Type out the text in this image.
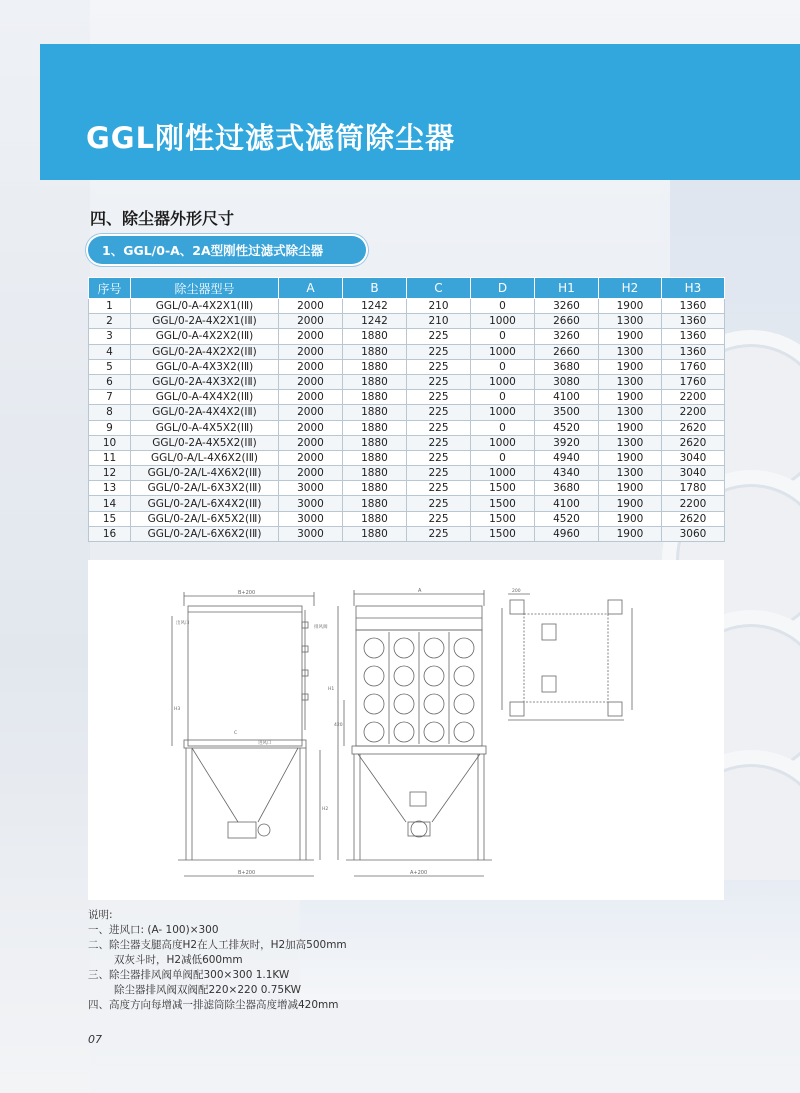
GGL刚性过滤式滤筒除尘器
四、除尘器外形尺寸
1、GGL/0-A、2A型刚性过滤式除尘器
序号	除尘器型号	A	B	C	D	H1	H2	H3
1	GGL/0-A-4X2X1(ⅠⅡ)	2000	1242	210	0	3260	1900	1360
2	GGL/0-2A-4X2X1(ⅠⅡ)	2000	1242	210	1000	2660	1300	1360
3	GGL/0-A-4X2X2(ⅠⅡ)	2000	1880	225	0	3260	1900	1360
4	GGL/0-2A-4X2X2(ⅠⅡ)	2000	1880	225	1000	2660	1300	1360
5	GGL/0-A-4X3X2(ⅠⅡ)	2000	1880	225	0	3680	1900	1760
6	GGL/0-2A-4X3X2(ⅠⅡ)	2000	1880	225	1000	3080	1300	1760
7	GGL/0-A-4X4X2(ⅠⅡ)	2000	1880	225	0	4100	1900	2200
8	GGL/0-2A-4X4X2(ⅠⅡ)	2000	1880	225	1000	3500	1300	2200
9	GGL/0-A-4X5X2(ⅠⅡ)	2000	1880	225	0	4520	1900	2620
10	GGL/0-2A-4X5X2(ⅠⅡ)	2000	1880	225	1000	3920	1300	2620
11	GGL/0-A/L-4X6X2(ⅠⅡ)	2000	1880	225	0	4940	1900	3040
12	GGL/0-2A/L-4X6X2(ⅠⅡ)	2000	1880	225	1000	4340	1300	3040
13	GGL/0-2A/L-6X3X2(ⅠⅡ)	3000	1880	225	1500	3680	1900	1780
14	GGL/0-2A/L-6X4X2(ⅠⅡ)	3000	1880	225	1500	4100	1900	2200
15	GGL/0-2A/L-6X5X2(ⅠⅡ)	3000	1880	225	1500	4520	1900	2620
16	GGL/0-2A/L-6X6X2(ⅠⅡ)	3000	1880	225	1500	4960	1900	3060
B+200
排风阀
出风口
H3
C
进风口
B+200
H2
A
420
H1
A+200
200
说明:
一、进风口: (A- 100)×300
二、除尘器支腿高度H2在人工排灰时，H2加高500mm
双灰斗时，H2减低600mm
三、除尘器排风阀单阀配300×300 1.1KW
除尘器排风阀双阀配220×220 0.75KW
四、高度方向每增减一排滤筒除尘器高度增减420mm
07
